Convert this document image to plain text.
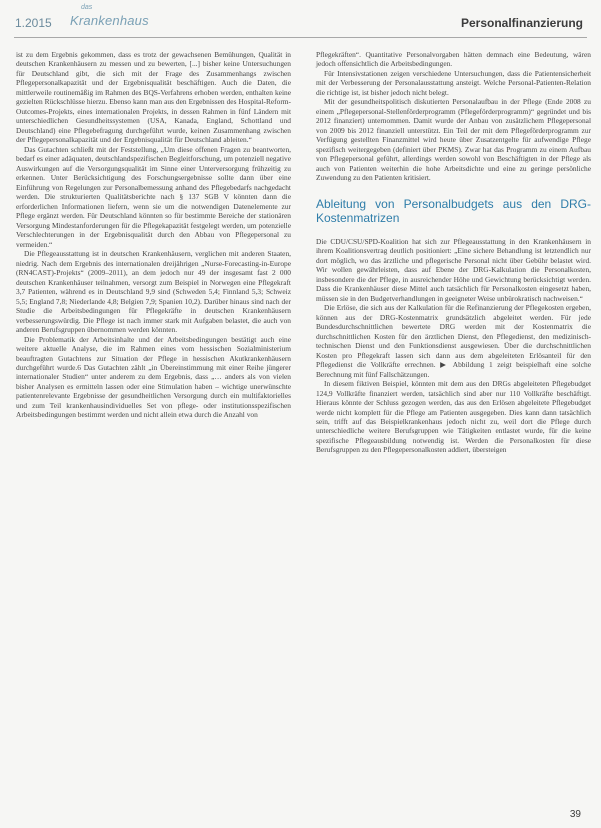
1.2015
das
Krankenhaus	Personalfinanzierung

ist zu dem Ergebnis gekommen, dass es trotz der gewachsenen Bemühungen, Qualität in deutschen Krankenhäusern zu messen und zu bewerten, [...] bisher keine Untersuchungen für Deutschland gibt, die sich mit der Frage des Zusammenhangs zwischen Pflegepersonalkapazität und der Ergebnisqualität beschäftigen. Auch die Daten, die mittlerweile routinemäßig im Rahmen des BQS-Verfahrens erhoben werden, enthalten keine gezielten Rückschlüsse hierzu. Ebenso kann man aus den Ergebnissen des Hospital-Reform-Outcomes-Projekts, eines internationalen Projekts, in dessen Rahmen in fünf Ländern mit unterschiedlichen Gesundheitssystemen (USA, Kanada, England, Schottland und Deutschland) eine Pflegebefragung durchgeführt wurde, keinen Zusammenhang zwischen der Pflegepersonalkapazität und der Ergebnisqualität für Deutschland ableiten.“

Das Gutachten schließt mit der Feststellung, „Um diese offenen Fragen zu beantworten, bedarf es einer adäquaten, deutschlandspezifischen Begleitforschung, um potenziell negative Auswirkungen auf die Versorgungsqualität im Sinne einer Unterversorgung frühzeitig zu erkennen. Unter Berücksichtigung des Forschungsergebnisse sollte dann über eine Einführung von Regelungen zur Personalbemessung anhand des Pflegebedarfs nachgedacht werden. Die strukturierten Qualitätsberichte nach § 137 SGB V könnten dann die erforderlichen Informationen liefern, wenn sie um die notwendigen Datenelemente zur Pflege ergänzt werden. Für Deutschland könnten so für bestimmte Bereiche der stationären Versorgung Mindestanforderungen für die Pflegekapazität festgelegt werden, um potenzielle Verschlechterungen in der Ergebnisqualität durch den Abbau von Pflegepersonal zu vermeiden.“

Die Pflegeausstattung ist in deutschen Krankenhäusern, verglichen mit anderen Staaten, niedrig. Nach dem Ergebnis des internationalen dreijährigen „Nurse-Forecasting-in-Europe (RN4CAST)-Projekts“ (2009–2011), an dem jedoch nur 49 der insgesamt fast 2 000 deutschen Krankenhäuser teilnahmen, versorgt zum Beispiel in Norwegen eine Pflegekraft 3,7 Patienten, während es in Deutschland 9,9 sind (Schweden 5,4; Finnland 5,3; Schweiz 5,5; England 7,8; Niederlande 4,8; Belgien 7,9; Spanien 10,2). Darüber hinaus sind nach der Studie die Arbeitsbedingungen für Pflegekräfte in deutschen Krankenhäusern verbesserungswürdig. Die Pflege ist nach immer stark mit Aufgaben belastet, die auch von anderen Berufsgruppen übernommen werden könnten.

Die Problematik der Arbeitsinhalte und der Arbeitsbedingungen bestätigt auch eine weitere aktuelle Analyse, die im Rahmen eines vom hessischen Sozialministerium beauftragten Gutachtens zur Situation der Pflege in hessischen Akutkrankenhäusern durchgeführt wurde.6 Das Gutachten zählt „in Übereinstimmung mit einer Reihe jüngerer internationaler Studien“ unter anderem zu dem Ergebnis, dass „… anders als von vielen bisher Analysen es ermitteln lassen oder eine Stimulation haben – wichtige unerwünschte patientenrelevante Ergebnisse der gesundheitlichen Versorgung durch ein multifaktorielles und zum Teil krankenhausindividuelles Set von pflege- oder institutionsspezifischen Arbeitsbedingungen bestimmt werden und nicht allein etwa durch die Anzahl von

Pflegekräften“. Quantitative Personalvorgaben hätten demnach eine Bedeutung, wären jedoch offensichtlich die Arbeitsbedingungen.

Für Intensivstationen zeigen verschiedene Untersuchungen, dass die Patientensicherheit mit der Verbesserung der Personalausstattung ansteigt. Welche Personal-Patienten-Relation die richtige ist, ist bisher jedoch nicht belegt.

Mit der gesundheitspolitisch diskutierten Personalaufbau in der Pflege (Ende 2008 zu einem „Pflegepersonal-Stellenförderprogramm (Pflegeförderprogramm)“ gegründet und bis 2012 finanziert) unternommen. Damit wurde der Anbau von zusätzlichem Pflegepersonal von 2009 bis 2012 finanziell unterstützt. Ein Teil der mit dem Pflegeförderprogramm zur Verfügung gestellten Finanzmittel wird heute über Zusatzentgelte für aufwendige Pflege spezifisch weitergegeben (definiert über PKMS). Zwar hat das Programm zu einem Aufbau von Pflegepersonal geführt, allerdings werden sowohl von Beschäftigten in der Pflege als auch von Patienten weiterhin die hohe Arbeitsdichte und eine zu geringe persönliche Zuwendung zu den Patienten kritisiert.

Ableitung von Personalbudgets aus den DRG-Kostenmatrizen

Die CDU/CSU/SPD-Koalition hat sich zur Pflegeausstattung in den Krankenhäusern in ihrem Koalitionsvertrag deutlich positioniert: „Eine sichere Behandlung ist letztendlich nur dort möglich, wo das ärztliche und pflegerische Personal nicht über Gebühr belastet wird. Wir wollen gewährleisten, dass auf Ebene der DRG-Kalkulation die Personalkosten, insbesondere die der Pflege, in ausreichender Höhe und Gewichtung berücksichtigt werden. Dass die Krankenhäuser diese Mittel auch tatsächlich für Personalkosten eingesetzt haben, müssen sie in den Budgetverhandlungen in geeigneter Weise unbürokratisch nachweisen.“

Die Erlöse, die sich aus der Kalkulation für die Refinanzierung der Pflegekosten ergeben, können aus der DRG-Kostenmatrix grundsätzlich abgeleitet werden. Für jede Bundesdurchschnittlichen bewertete DRG werden mit der Kostenmatrix die durchschnittlichen Kosten für den ärztlichen Dienst, den Pflegedienst, den medizinisch-technischen Dienst und den Funktionsdienst ausgewiesen. Über die durchschnittlichen Kosten pro Pflegekraft lassen sich dann aus dem abgeleiteten Erlösanteil für den Pflegedienst die Vollkräfte errechnen. ▶ Abbildung 1 zeigt beispielhaft eine solche Berechnung mit fünf Fallschätzungen.

In diesem fiktiven Beispiel, könnten mit dem aus den DRGs abgeleiteten Pflegebudget 124,9 Vollkräfte finanziert werden, tatsächlich sind aber nur 110 Vollkräfte beschäftigt. Hieraus könnte der Schluss gezogen werden, das aus den Erlösen abgeleitete Pflegebudget werde nicht komplett für die Pflege am Patienten ausgegeben. Dies kann dann tatsächlich sein, trifft auf das Beispielkrankenhaus jedoch nicht zu, weil dort die Pflege durch unterschiedliche weitere Berufsgruppen wie Tätigkeiten entlastet wurde, für die keine spezifische Pflegeausbildung notwendig ist. Werden die Personalkosten für diese Berufsgruppen zu den Pflegepersonalkosten addiert, übersteigen

39
